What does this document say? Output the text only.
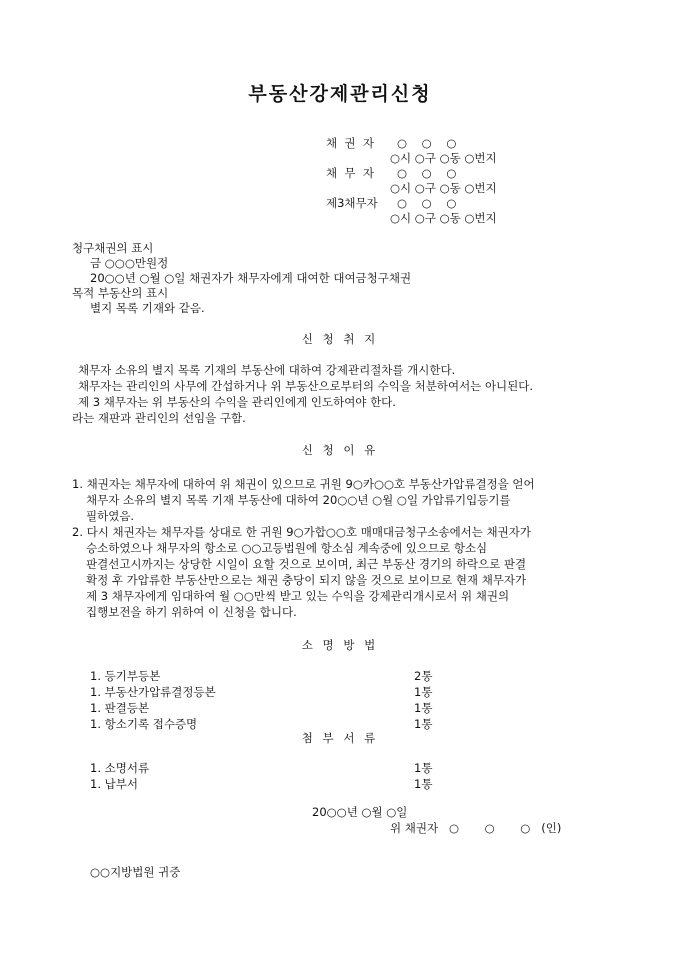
부동산강제관리신청
채  권  자 ○    ○    ○
○시 ○구 ○동 ○번지
채  무  자 ○    ○    ○
○시 ○구 ○동 ○번지
제3채무자 ○    ○    ○
○시 ○구 ○동 ○번지
청구채권의 표시
금 ○○○만원정
20○○년 ○월 ○일 채권자가 채무자에게 대여한 대여금청구채권
목적 부동산의 표시
별지 목록 기재와 같음.
신 청 취 지
채무자 소유의 별지 목록 기재의 부동산에 대하여 강제관리절차를 개시한다.
채무자는 관리인의 사무에 간섭하거나 위 부동산으로부터의 수익을 처분하여서는 아니된다.
제 3 채무자는 위 부동산의 수익을 관리인에게 인도하여야 한다.
라는 재판과 관리인의 선임을 구함.
신 청 이 유
1. 채권자는 채무자에 대하여 위 채권이 있으므로 귀원 9○카○○호 부동산가압류결정을 얻어
채무자 소유의 별지 목록 기재 부동산에 대하여 20○○년 ○월 ○일 가압류기입등기를
필하였음.
2. 다시 채권자는 채무자를 상대로 한 귀원 9○가합○○호 매매대금청구소송에서는 채권자가
승소하였으나 채무자의 항소로 ○○고등법원에 항소심 계속중에 있으므로 항소심
판결선고시까지는 상당한 시일이 요할 것으로 보이며, 최근 부동산 경기의 하락으로 판결
확정 후 가압류한 부동산만으로는 채권 충당이 되지 않을 것으로 보이므로 현재 채무자가
제 3 채무자에게 임대하여 월 ○○만씩 받고 있는 수익을 강제관리개시로서 위 채권의
집행보전을 하기 위하여 이 신청을 합니다.
소 명 방 법
1. 등기부등본	2통
1. 부동산가압류결정등본	1통
1. 판결등본	1통
1. 항소기록 접수증명	1통
첨 부 서 류
1. 소명서류	1통
1. 납부서	1통
20○○년 ○월 ○일
위 채권자   ○       ○       ○   (인)
○○지방법원 귀중
